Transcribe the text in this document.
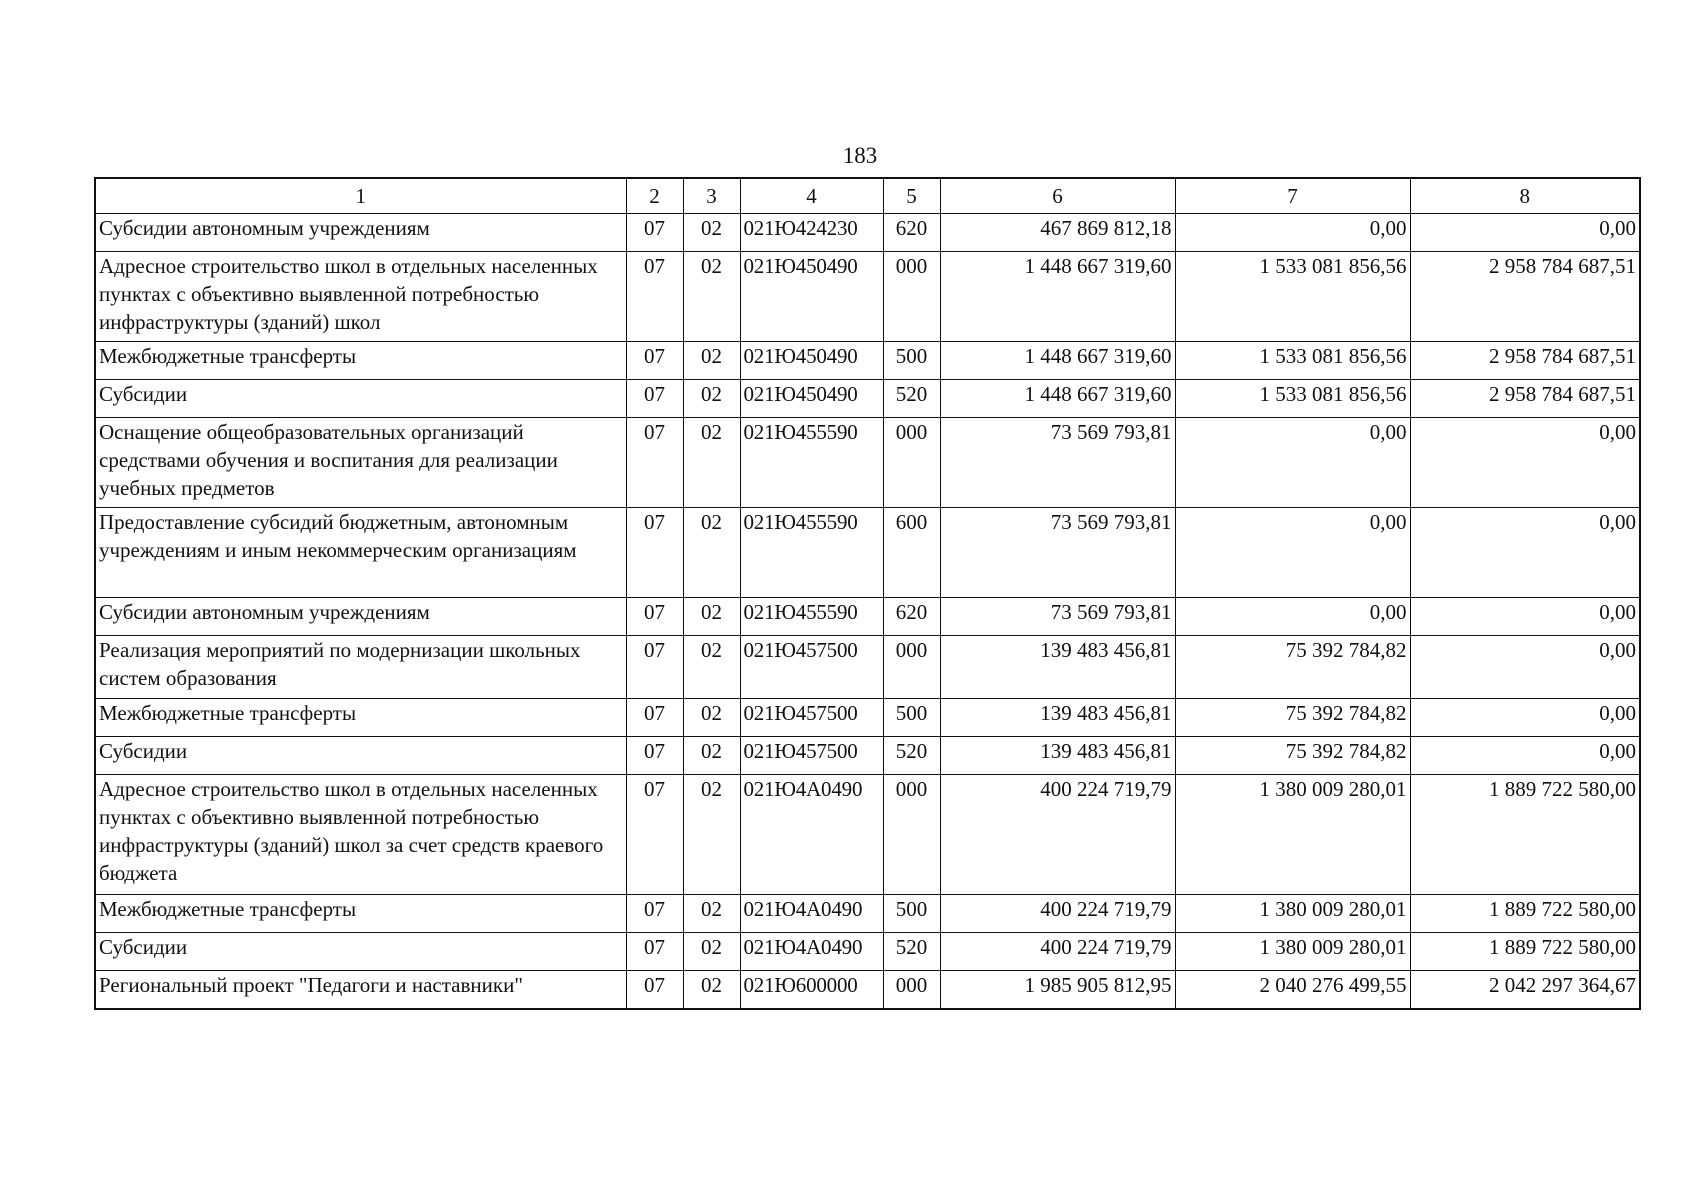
183
1	2	3	4	5	6	7	8
Субсидии автономным учреждениям	07	02	021Ю424230	620	467 869 812,18	0,00	0,00
Адресное строительство школ в отдельных населенных пунктах с объективно выявленной потребностью инфраструктуры (зданий) школ	07	02	021Ю450490	000	1 448 667 319,60	1 533 081 856,56	2 958 784 687,51
Межбюджетные трансферты	07	02	021Ю450490	500	1 448 667 319,60	1 533 081 856,56	2 958 784 687,51
Субсидии	07	02	021Ю450490	520	1 448 667 319,60	1 533 081 856,56	2 958 784 687,51
Оснащение общеобразовательных организаций средствами обучения и воспитания для реализации учебных предметов	07	02	021Ю455590	000	73 569 793,81	0,00	0,00
Предоставление субсидий бюджетным, автономным учреждениям и иным некоммерческим организациям	07	02	021Ю455590	600	73 569 793,81	0,00	0,00
Субсидии автономным учреждениям	07	02	021Ю455590	620	73 569 793,81	0,00	0,00
Реализация мероприятий по модернизации школьных систем образования	07	02	021Ю457500	000	139 483 456,81	75 392 784,82	0,00
Межбюджетные трансферты	07	02	021Ю457500	500	139 483 456,81	75 392 784,82	0,00
Субсидии	07	02	021Ю457500	520	139 483 456,81	75 392 784,82	0,00
Адресное строительство школ в отдельных населенных пунктах с объективно выявленной потребностью инфраструктуры (зданий) школ за счет средств краевого бюджета	07	02	021Ю4А0490	000	400 224 719,79	1 380 009 280,01	1 889 722 580,00
Межбюджетные трансферты	07	02	021Ю4А0490	500	400 224 719,79	1 380 009 280,01	1 889 722 580,00
Субсидии	07	02	021Ю4А0490	520	400 224 719,79	1 380 009 280,01	1 889 722 580,00
Региональный проект "Педагоги и наставники"	07	02	021Ю600000	000	1 985 905 812,95	2 040 276 499,55	2 042 297 364,67
